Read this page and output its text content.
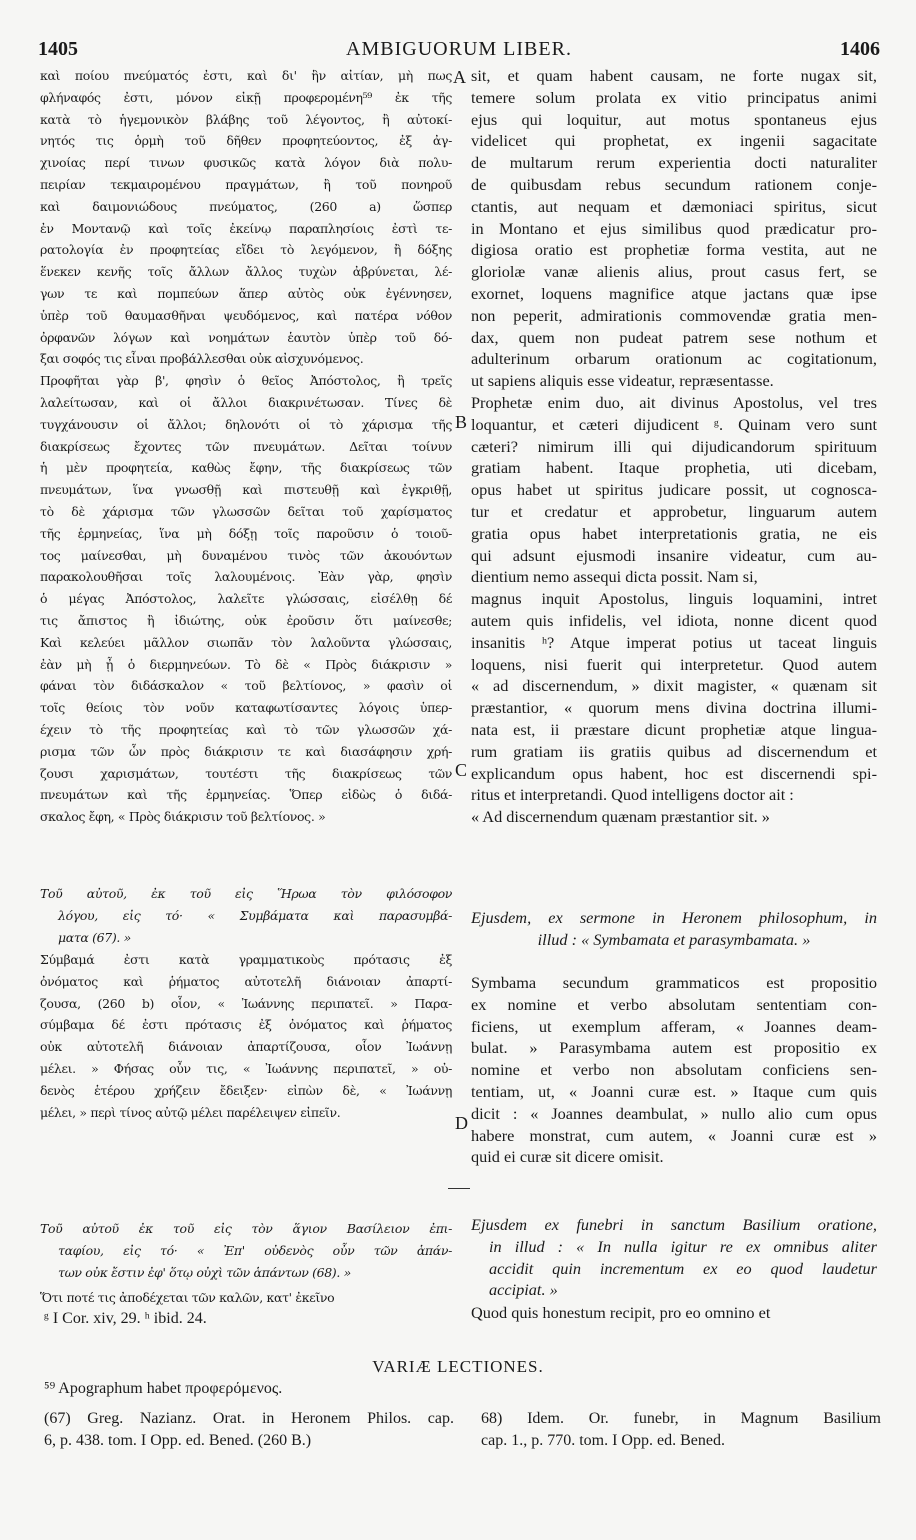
1405	AMBIGUORUM LIBER.	1406
καὶ ποίου πνεύματός ἐστι, καὶ δι' ἣν αἰτίαν, μὴ πως
φλήναφός ἐστι, μόνον εἰκῇ προφερομένη⁵⁹ ἐκ τῆς
κατὰ τὸ ἡγεμονικὸν βλάβης τοῦ λέγοντος, ἢ αὐτοκί-
νητός τις ὁρμὴ τοῦ δῆθεν προφητεύοντος, ἐξ ἀγ-
χινοίας περί τινων φυσικῶς κατὰ λόγον διὰ πολυ-
πειρίαν τεκμαιρομένου πραγμάτων, ἢ τοῦ πονηροῦ
καὶ δαιμονιώδους πνεύματος, (260 a) ὥσπερ
ἐν Μοντανῷ καὶ τοῖς ἐκείνῳ παραπλησίοις ἐστὶ τε-
ρατολογία ἐν προφητείας εἴδει τὸ λεγόμενον, ἢ δόξης
ἕνεκεν κενῆς τοῖς ἄλλων ἄλλος τυχὼν ἀβρύνεται, λέ-
γων τε καὶ πομπεύων ἅπερ αὐτὸς οὐκ ἐγέννησεν,
ὑπὲρ τοῦ θαυμασθῆναι ψευδόμενος, καὶ πατέρα νόθον
ὀρφανῶν λόγων καὶ νοημάτων ἑαυτὸν ὑπὲρ τοῦ δό-
ξαι σοφός τις εἶναι προβάλλεσθαι οὐκ αἰσχυνόμενος.
Προφῆται γὰρ β', φησὶν ὁ θεῖος Ἀπόστολος, ἢ τρεῖς
λαλείτωσαν, καὶ οἱ ἄλλοι διακρινέτωσαν. Τίνες δὲ
τυγχάνουσιν οἱ ἄλλοι; δηλονότι οἱ τὸ χάρισμα τῆς
διακρίσεως ἔχοντες τῶν πνευμάτων. Δεῖται τοίνυν
ἡ μὲν προφητεία, καθὼς ἔφην, τῆς διακρίσεως τῶν
πνευμάτων, ἵνα γνωσθῇ καὶ πιστευθῇ καὶ ἐγκριθῇ,
τὸ δὲ χάρισμα τῶν γλωσσῶν δεῖται τοῦ χαρίσματος
τῆς ἑρμηνείας, ἵνα μὴ δόξῃ τοῖς παροῦσιν ὁ τοιοῦ-
τος μαίνεσθαι, μὴ δυναμένου τινὸς τῶν ἀκουόντων
παρακολουθῆσαι τοῖς λαλουμένοις. Ἐὰν γὰρ, φησὶν
ὁ μέγας Ἀπόστολος, λαλεῖτε γλώσσαις, εἰσέλθῃ δέ
τις ἄπιστος ἢ ἰδιώτης, οὐκ ἐροῦσιν ὅτι μαίνεσθε;
Καὶ κελεύει μᾶλλον σιωπᾶν τὸν λαλοῦντα γλώσσαις,
ἐὰν μὴ ᾖ ὁ διερμηνεύων. Τὸ δὲ « Πρὸς διάκρισιν »
φάναι τὸν διδάσκαλον « τοῦ βελτίονος, » φασὶν οἱ
τοῖς θείοις τὸν νοῦν καταφωτίσαντες λόγοις ὑπερ-
έχειν τὸ τῆς προφητείας καὶ τὸ τῶν γλωσσῶν χά-
ρισμα τῶν ὧν πρὸς διάκρισιν τε καὶ διασάφησιν χρή-
ζουσι χαρισμάτων, τουτέστι τῆς διακρίσεως τῶν
πνευμάτων καὶ τῆς ἑρμηνείας. Ὅπερ εἰδὼς ὁ διδά-
σκαλος ἔφη, « Πρὸς διάκρισιν τοῦ βελτίονος. »
sit, et quam habent causam, ne forte nugax sit,
temere solum prolata ex vitio principatus animi
ejus qui loquitur, aut motus spontaneus ejus
videlicet qui prophetat, ex ingenii sagacitate
de multarum rerum experientia docti naturaliter
de quibusdam rebus secundum rationem conje-
ctantis, aut nequam et dæmoniaci spiritus, sicut
in Montano et ejus similibus quod prædicatur pro-
digiosa oratio est prophetiæ forma vestita, aut ne
gloriolæ vanæ alienis alius, prout casus fert, se
exornet, loquens magnifice atque jactans quæ ipse
non peperit, admirationis commovendæ gratia men-
dax, quem non pudeat patrem sese nothum et
adulterinum orbarum orationum ac cogitationum,
ut sapiens aliquis esse videatur, repræsentasse.
Prophetæ enim duo, ait divinus Apostolus, vel tres
loquantur, et cæteri dijudicent ᵍ. Quinam vero sunt
cæteri? nimirum illi qui dijudicandorum spirituum
gratiam habent. Itaque prophetia, uti dicebam,
opus habet ut spiritus judicare possit, ut cognosca-
tur et credatur et approbetur, linguarum autem
gratia opus habet interpretationis gratia, ne eis
qui adsunt ejusmodi insanire videatur, cum au-
dientium nemo assequi dicta possit. Nam si,
magnus inquit Apostolus, linguis loquamini, intret
autem quis infidelis, vel idiota, nonne dicent quod
insanitis ʰ? Atque imperat potius ut taceat linguis
loquens, nisi fuerit qui interpretetur. Quod autem
« ad discernendum, » dixit magister, « quænam sit
præstantior, « quorum mens divina doctrina illumi-
nata est, ii præstare dicunt prophetiæ atque lingua-
rum gratiam iis gratiis quibus ad discernendum et
explicandum opus habent, hoc est discernendi spi-
ritus et interpretandi. Quod intelligens doctor ait :
« Ad discernendum quænam præstantior sit. »
A
B
C
D
Τοῦ αὐτοῦ, ἐκ τοῦ εἰς Ἥρωα τὸν φιλόσοφον
λόγου, εἰς τό· « Συμβάματα καὶ παρασυμβά-
ματα (67). »
Σύμβαμά ἐστι κατὰ γραμματικοὺς πρότασις ἐξ
ὀνόματος καὶ ῥήματος αὐτοτελῆ διάνοιαν ἀπαρτί-
ζουσα, (260 b) οἷον, « Ἰωάννης περιπατεῖ. » Παρα-
σύμβαμα δέ ἐστι πρότασις ἐξ ὀνόματος καὶ ῥήματος
οὐκ αὐτοτελῆ διάνοιαν ἀπαρτίζουσα, οἷον Ἰωάννῃ
μέλει. » Φήσας οὖν τις, « Ἰωάννης περιπατεῖ, » οὐ-
δενὸς ἑτέρου χρήζειν ἔδειξεν· εἰπὼν δὲ, « Ἰωάννῃ
μέλει, » περὶ τίνος αὐτῷ μέλει παρέλειψεν εἰπεῖν.
Ejusdem, ex sermone in Heronem philosophum, in
illud : « Symbamata et parasymbamata. »
Symbama secundum grammaticos est propositio
ex nomine et verbo absolutam sententiam con-
ficiens, ut exemplum afferam, « Joannes deam-
bulat. » Parasymbama autem est propositio ex
nomine et verbo non absolutam conficiens sen-
tentiam, ut, « Joanni curæ est. » Itaque cum quis
dicit : « Joannes deambulat, » nullo alio cum opus
habere monstrat, cum autem, « Joanni curæ est »
quid ei curæ sit dicere omisit.
Τοῦ αὐτοῦ ἐκ τοῦ εἰς τὸν ἅγιον Βασίλειον ἐπι-
ταφίου, εἰς τό· « Ἐπ' οὐδενὸς οὖν τῶν ἁπάν-
των οὐκ ἔστιν ἐφ' ὅτῳ οὐχὶ τῶν ἁπάντων (68). »
Ὅτι ποτέ τις ἀποδέχεται τῶν καλῶν, κατ' ἐκεῖνο
Ejusdem ex funebri in sanctum Basilium oratione,
in illud : « In nulla igitur re ex omnibus aliter
accidit quin incrementum ex eo quod laudetur
accipiat. »
Quod quis honestum recipit, pro eo omnino et
ᵍ I Cor. xiv, 29. ʰ ibid. 24.
⁵⁹ Apographum habet προφερόμενος.
VARIÆ LECTIONES.
(67) Greg. Nazianz. Orat. in Heronem Philos. cap.
6, p. 438. tom. I Opp. ed. Bened. (260 B.)
68) Idem. Or. funebr, in Magnum Basilium
cap. 1., p. 770. tom. I Opp. ed. Bened.
